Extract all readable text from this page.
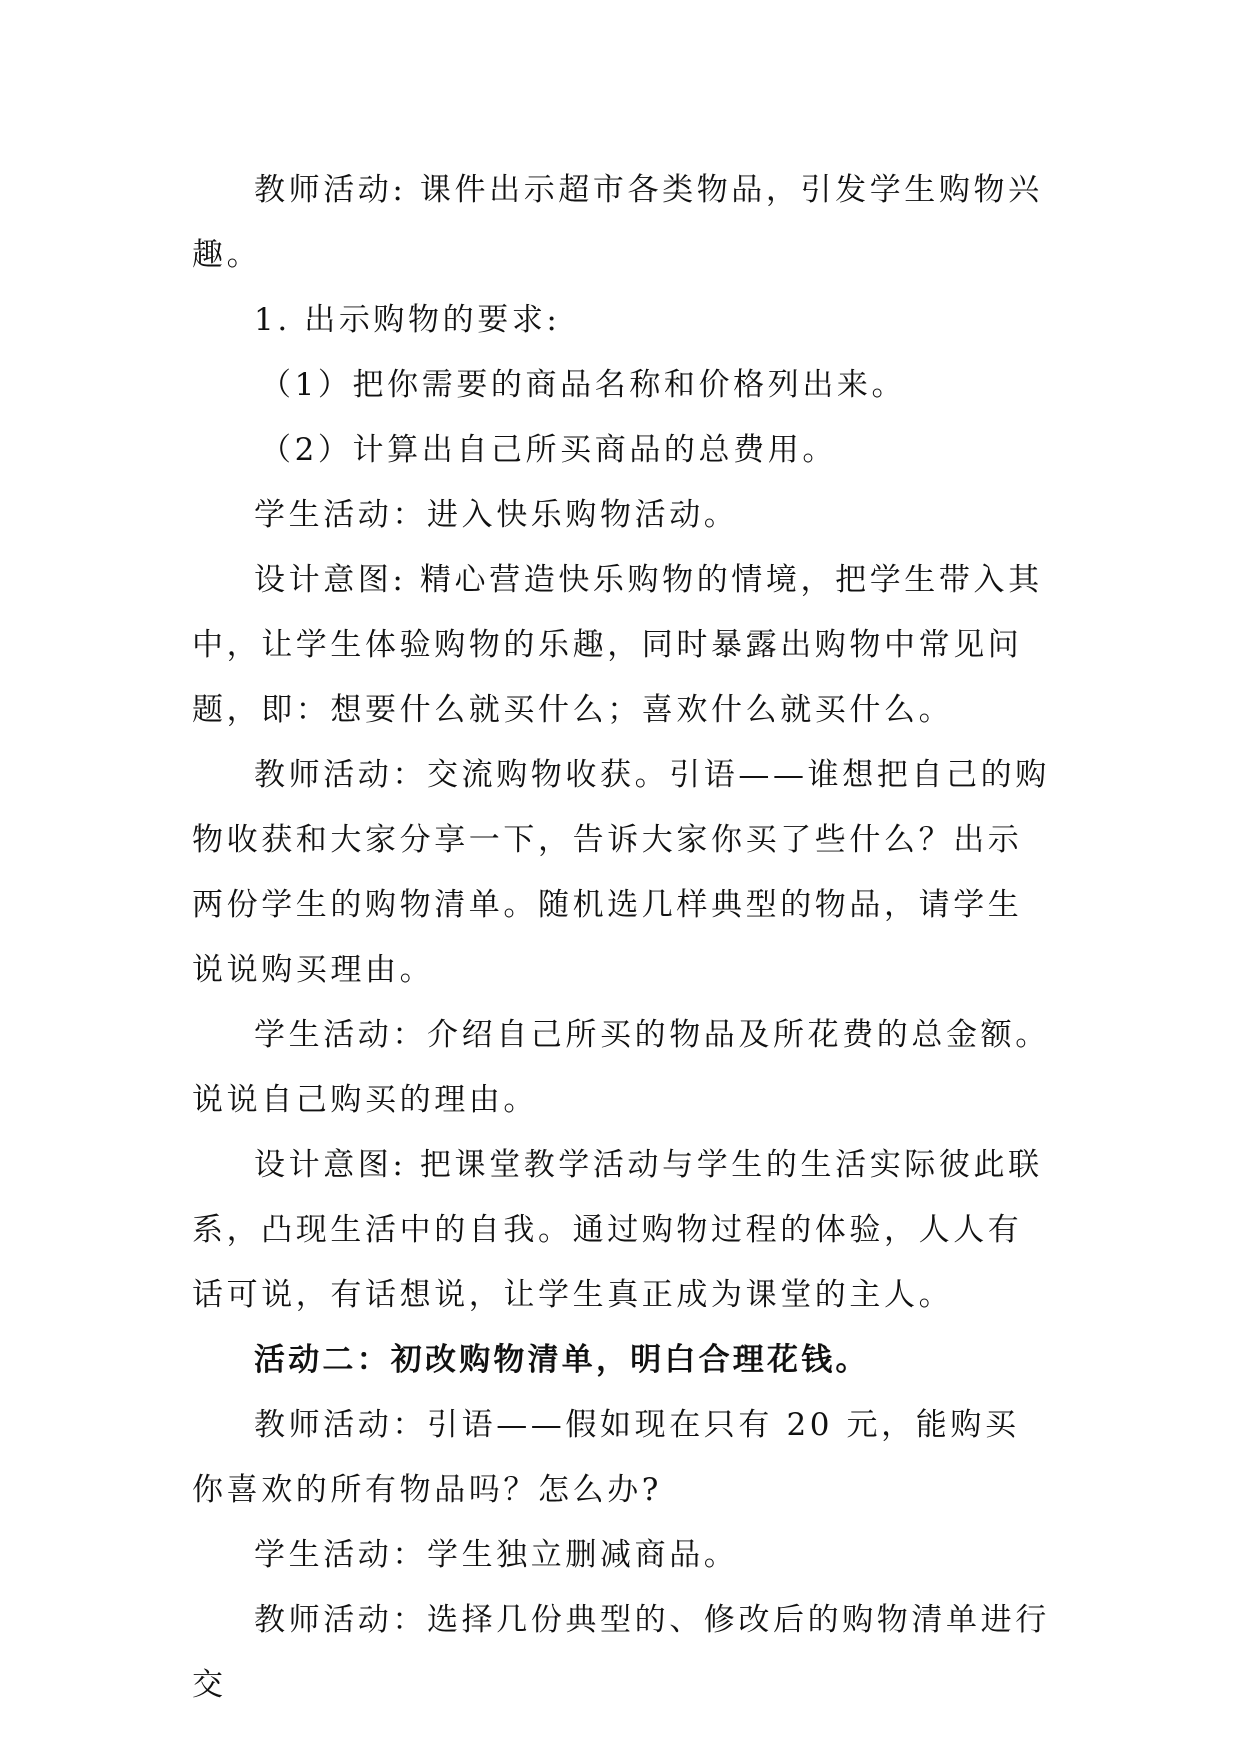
教师活动: 课件出示超市各类物品，引发学生购物兴趣。

1. 出示购物的要求:

（1）把你需要的商品名称和价格列出来。

（2）计算出自己所买商品的总费用。

学生活动：进入快乐购物活动。

设计意图: 精心营造快乐购物的情境，把学生带入其中，让学生体验购物的乐趣，同时暴露出购物中常见问题，即：想要什么就买什么；喜欢什么就买什么。

教师活动：交流购物收获。引语——谁想把自己的购物收获和大家分享一下，告诉大家你买了些什么？出示两份学生的购物清单。随机选几样典型的物品，请学生说说购买理由。

学生活动：介绍自己所买的物品及所花费的总金额。说说自己购买的理由。

设计意图: 把课堂教学活动与学生的生活实际彼此联系，凸现生活中的自我。通过购物过程的体验，人人有话可说，有话想说，让学生真正成为课堂的主人。

活动二：初改购物清单，明白合理花钱。

教师活动：引语——假如现在只有 20 元，能购买你喜欢的所有物品吗？怎么办?

学生活动：学生独立删减商品。

教师活动：选择几份典型的、修改后的购物清单进行交
